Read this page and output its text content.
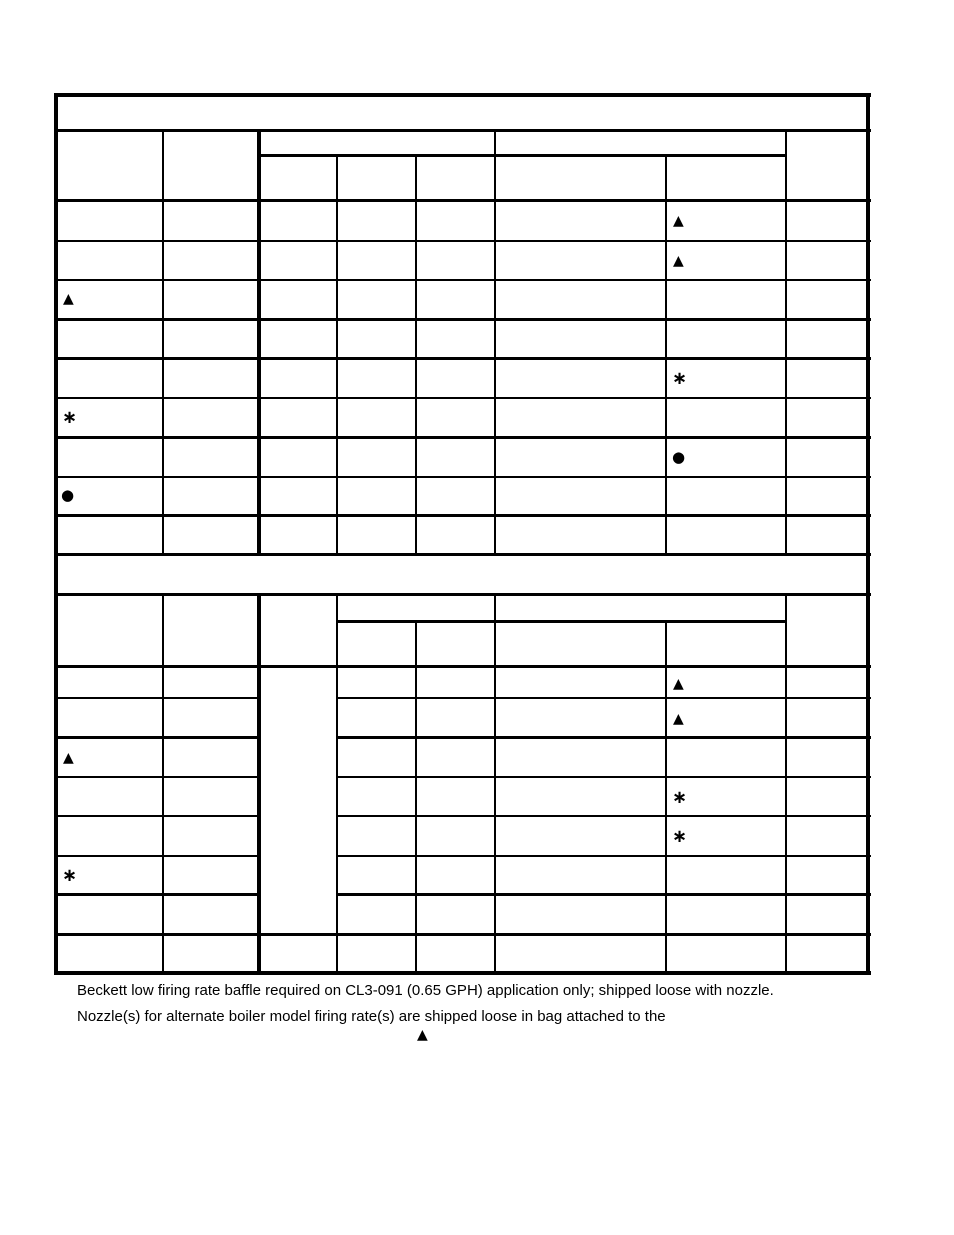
▲
▲
▲
∗
∗
●
●
▲
▲
▲
∗
∗
∗
Beckett low firing rate baffle required on CL3-091 (0.65 GPH) application only; shipped loose with nozzle.
Nozzle(s) for alternate boiler model firing rate(s) are shipped loose in bag attached to the
▲
